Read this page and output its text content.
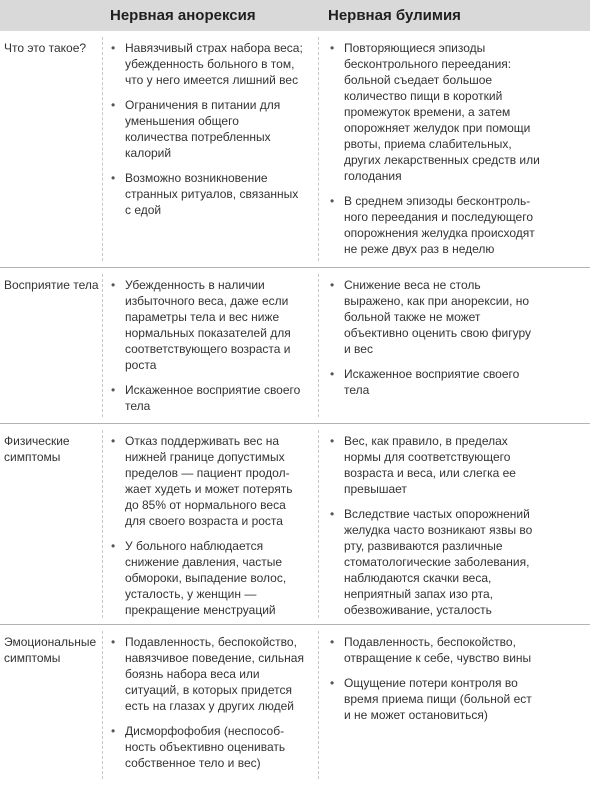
Нервная анорексия	Нервная булимия
Что это такое?	• Навязчивый страх набора веса; убежденность больного в том, что у него имеется лишний вес
• Ограничения в питании для уменьшения общего количества потребленных калорий
• Возможно возникновение странных ритуалов, связанных с едой
• Повторяющиеся эпизоды бесконтрольного переедания: больной съедает большое количество пищи в короткий промежуток времени, а затем опорожняет желудок при помощи рвоты, приема слабительных, других лекарственных средств или голодания
• В среднем эпизоды бесконтроль-ного переедания и последующего опорожнения желудка происходят не реже двух раз в неделю
Восприятие тела • Убежденность в наличии избыточного веса, даже если параметры тела и вес ниже нормальных показателей для соответствующего возраста и роста
• Искаженное восприятие своего тела
• Снижение веса не столь выражено, как при анорексии, но больной также не может объективно оценить свою фигуру и вес
• Искаженное восприятие своего тела
Физические симптомы
• Отказ поддерживать вес на нижней границе допустимых пределов — пациент продол-жает худеть и может потерять до 85% от нормального веса для своего возраста и роста
• У больного наблюдается снижение давления, частые обмороки, выпадение волос, усталость, у женщин — прекращение менструаций
• Вес, как правило, в пределах нормы для соответствующего возраста и веса, или слегка ее превышает
• Вследствие частых опорожнений желудка часто возникают язвы во рту, развиваются различные стоматологические заболевания, наблюдаются скачки веса, неприятный запах изо рта, обезвоживание, усталость
Эмоциональные симптомы
• Подавленность, беспокойство, навязчивое поведение, сильная боязнь набора веса или ситуаций, в которых придется есть на глазах у других людей
• Дисморфофобия (неспособ-ность объективно оценивать собственное тело и вес)
• Подавленность, беспокойство, отвращение к себе, чувство вины
• Ощущение потери контроля во время приема пищи (больной ест и не может остановиться)
